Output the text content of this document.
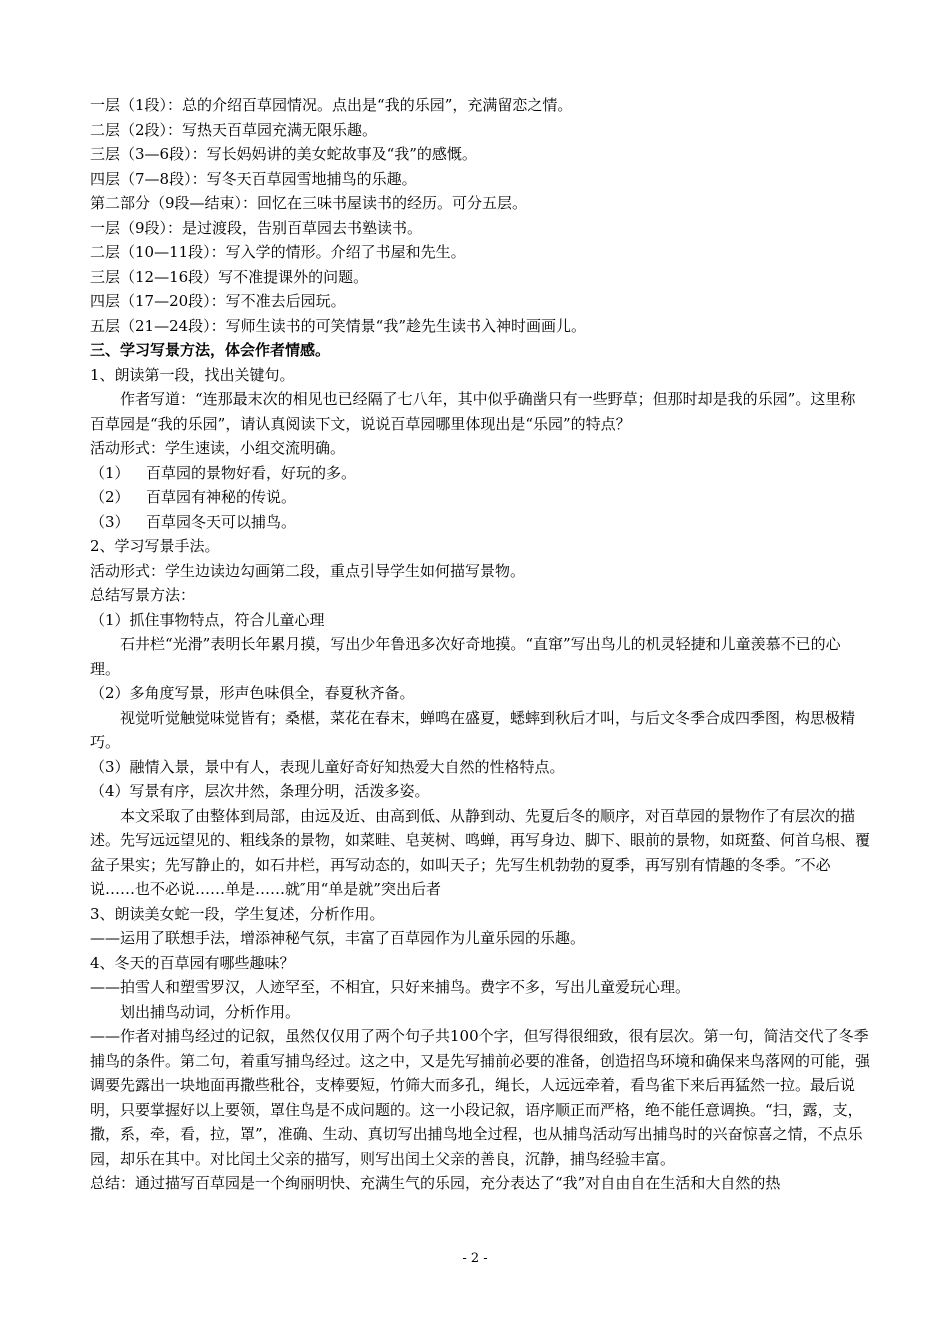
一层（1段）：总的介绍百草园情况。点出是“我的乐园”，充满留恋之情。

二层（2段）：写热天百草园充满无限乐趣。

三层（3—6段）：写长妈妈讲的美女蛇故事及“我”的感慨。

四层（7—8段）：写冬天百草园雪地捕鸟的乐趣。

第二部分（9段—结束）：回忆在三味书屋读书的经历。可分五层。

一层（9段）：是过渡段，告别百草园去书塾读书。

二层（10—11段）：写入学的情形。介绍了书屋和先生。

三层（12—16段）写不准提课外的问题。

四层（17—20段）：写不准去后园玩。

五层（21—24段）：写师生读书的可笑情景“我”趁先生读书入神时画画儿。

三、学习写景方法，体会作者情感。

1、朗读第一段，找出关键句。

作者写道：“连那最末次的相见也已经隔了七八年，其中似乎确凿只有一些野草；但那时却是我的乐园”。这里称百草园是“我的乐园”，请认真阅读下文，说说百草园哪里体现出是“乐园”的特点？

活动形式：学生速读，小组交流明确。

（1） 百草园的景物好看，好玩的多。

（2） 百草园有神秘的传说。

（3） 百草园冬天可以捕鸟。

2、学习写景手法。

活动形式：学生边读边勾画第二段，重点引导学生如何描写景物。

总结写景方法：

（1）抓住事物特点，符合儿童心理

石井栏“光滑”表明长年累月摸，写出少年鲁迅多次好奇地摸。“直窜”写出鸟儿的机灵轻捷和儿童羡慕不已的心理。

（2）多角度写景，形声色味俱全，春夏秋齐备。

视觉听觉触觉味觉皆有；桑椹，菜花在春末，蝉鸣在盛夏，蟋蟀到秋后才叫，与后文冬季合成四季图，构思极精巧。

（3）融情入景，景中有人，表现儿童好奇好知热爱大自然的性格特点。

（4）写景有序，层次井然，条理分明，活泼多姿。

本文采取了由整体到局部，由远及近、由高到低、从静到动、先夏后冬的顺序，对百草园的景物作了有层次的描述。先写远远望见的、粗线条的景物，如菜畦、皂荚树、鸣蝉，再写身边、脚下、眼前的景物，如斑蝥、何首乌根、覆盆子果实；先写静止的，如石井栏，再写动态的，如叫天子；先写生机勃勃的夏季，再写别有情趣的冬季。″不必说……也不必说……单是……就″用“单是就”突出后者

3、朗读美女蛇一段，学生复述，分析作用。

——运用了联想手法，增添神秘气氛，丰富了百草园作为儿童乐园的乐趣。

4、冬天的百草园有哪些趣味？

——拍雪人和塑雪罗汉，人迹罕至，不相宜，只好来捕鸟。费字不多，写出儿童爱玩心理。

划出捕鸟动词，分析作用。

——作者对捕鸟经过的记叙，虽然仅仅用了两个句子共100个字，但写得很细致，很有层次。第一句，简洁交代了冬季捕鸟的条件。第二句，着重写捕鸟经过。这之中，又是先写捕前必要的准备，创造招鸟环境和确保来鸟落网的可能，强调要先露出一块地面再撒些秕谷，支棒要短，竹筛大而多孔，绳长，人远远牵着，看鸟雀下来后再猛然一拉。最后说明，只要掌握好以上要领，罩住鸟是不成问题的。这一小段记叙，语序顺正而严格，绝不能任意调换。“扫，露，支，撒，系，牵，看，拉，罩”，准确、生动、真切写出捕鸟地全过程，也从捕鸟活动写出捕鸟时的兴奋惊喜之情，不点乐园，却乐在其中。对比闰土父亲的描写，则写出闰土父亲的善良，沉静，捕鸟经验丰富。

总结：通过描写百草园是一个绚丽明快、充满生气的乐园，充分表达了“我”对自由自在生活和大自然的热

- 2 -
